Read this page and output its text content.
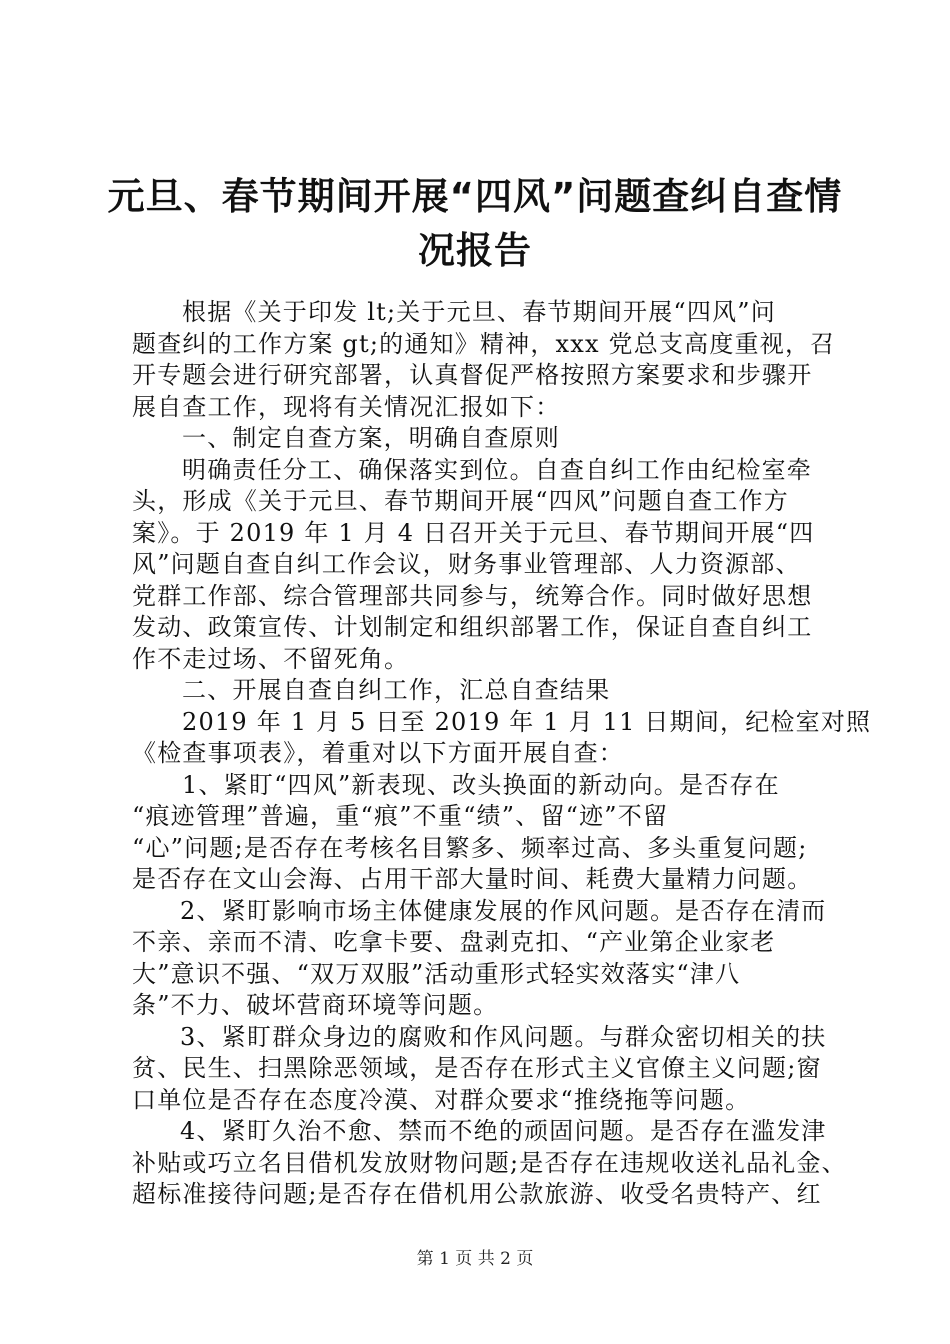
元旦、春节期间开展“四风”问题查纠自查情
况报告
根据《关于印发 lt;关于元旦、春节期间开展“四风”问
题查纠的工作方案 gt;的通知》精神，xxx 党总支高度重视，召
开专题会进行研究部署，认真督促严格按照方案要求和步骤开
展自查工作，现将有关情况汇报如下：
一、制定自查方案，明确自查原则
明确责任分工、确保落实到位。自查自纠工作由纪检室牵
头，形成《关于元旦、春节期间开展“四风”问题自查工作方
案》。于 2019 年 1 月 4 日召开关于元旦、春节期间开展“四
风”问题自查自纠工作会议，财务事业管理部、人力资源部、
党群工作部、综合管理部共同参与，统筹合作。同时做好思想
发动、政策宣传、计划制定和组织部署工作，保证自查自纠工
作不走过场、不留死角。
二、开展自查自纠工作，汇总自查结果
2019 年 1 月 5 日至 2019 年 1 月 11 日期间，纪检室对照
《检查事项表》，着重对以下方面开展自查：
1、紧盯“四风”新表现、改头换面的新动向。是否存在
“痕迹管理”普遍，重“痕”不重“绩”、留“迹”不留
“心”问题;是否存在考核名目繁多、频率过高、多头重复问题;
是否存在文山会海、占用干部大量时间、耗费大量精力问题。
2、紧盯影响市场主体健康发展的作风问题。是否存在清而
不亲、亲而不清、吃拿卡要、盘剥克扣、“产业第企业家老
大”意识不强、“双万双服”活动重形式轻实效落实“津八
条”不力、破坏营商环境等问题。
3、紧盯群众身边的腐败和作风问题。与群众密切相关的扶
贫、民生、扫黑除恶领域，是否存在形式主义官僚主义问题;窗
口单位是否存在态度冷漠、对群众要求“推绕拖等问题。
4、紧盯久治不愈、禁而不绝的顽固问题。是否存在滥发津
补贴或巧立名目借机发放财物问题;是否存在违规收送礼品礼金、
超标准接待问题;是否存在借机用公款旅游、收受名贵特产、红
第 1 页 共 2 页
